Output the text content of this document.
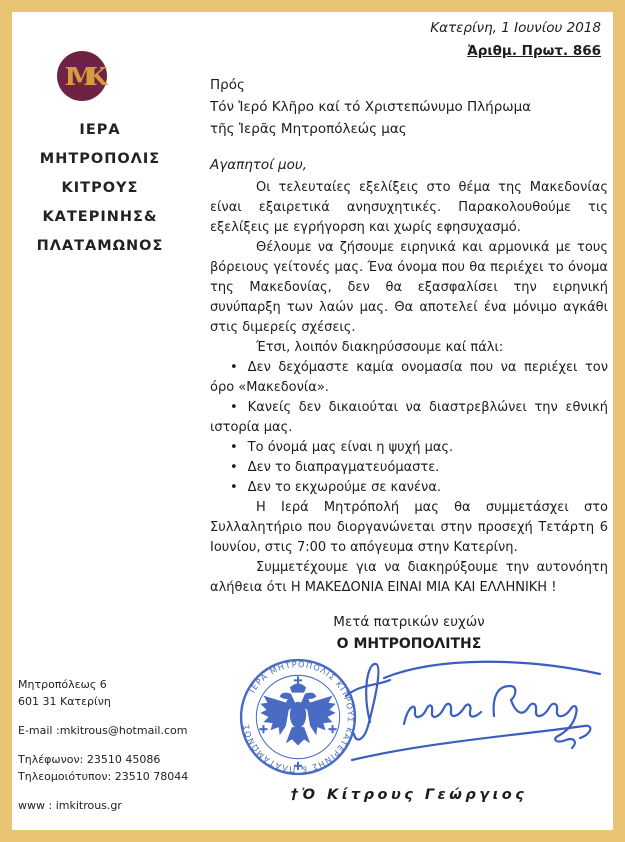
Κατερίνη, 1 Ιουνίου 2018
Ἀριθμ. Πρωτ. 866
ΙΜΚ
ΙΕΡΑ
ΜΗΤΡΟΠΟΛΙΣ
ΚΙΤΡΟΥΣ
ΚΑΤΕΡΙΝΗΣ&
ΠΛΑΤΑΜΩΝΟΣ
Μητροπόλεως 6
601 31 Κατερίνη
E-mail :mkitrous@hotmail.com
Τηλέφωνον: 23510 45086
Τηλεομοιότυπον: 23510 78044
www : imkitrous.gr
Πρός
Τόν Ἱερό Κλῆρο καί τό Χριστεπώνυμο Πλήρωμα
τῆς Ἱερᾶς Μητροπόλεώς μας
Αγαπητοί μου,

Οι τελευταίες εξελίξεις στο θέμα της Μακεδονίας είναι εξαιρετικά ανησυχητικές. Παρακολουθούμε τις εξελίξεις με εγρήγορση και χωρίς εφησυχασμό.

Θέλουμε να ζήσουμε ειρηνικά και αρμονικά με τους βόρειους γείτονές μας. Ένα όνομα που θα περιέχει το όνομα της Μακεδονίας, δεν θα εξασφαλίσει την ειρηνική συνύπαρξη των λαών μας. Θα αποτελεί ένα μόνιμο αγκάθι στις διμερείς σχέσεις.

Έτσι, λοιπόν διακηρύσσουμε καί πάλι:

• Δεν δεχόμαστε καμία ονομασία που να περιέχει τον όρο «Μακεδονία».
• Κανείς δεν δικαιούται να διαστρεβλώνει την εθνική ιστορία μας.
• Το όνομά μας είναι η ψυχή μας.
• Δεν το διαπραγματευόμαστε.
• Δεν το εκχωρούμε σε κανένα.

Η Ιερά Μητρόπολή μας θα συμμετάσχει στο Συλλαλητήριο που διοργανώνεται στην προσεχή Τετάρτη 6 Ιουνίου, στις 7:00 το απόγευμα στην Κατερίνη.

Συμμετέχουμε για να διακηρύξουμε την αυτονόητη αλήθεια ότι Η ΜΑΚΕΔΟΝΙΑ ΕΙΝΑΙ ΜΙΑ ΚΑΙ ΕΛΛΗΝΙΚΗ !

Μετά πατρικών ευχών
Ο ΜΗΤΡΟΠΟΛΙΤΗΣ
ΙΕΡΑ ΜΗΤΡΟΠΟΛΙΣ ΚΙΤΡΟΥΣ ΚΑΤΕΡΙΝΗΣ & ΠΛΑΤΑΜΩΝΟΣ
†Ὁ Κίτρους Γεώργιος
